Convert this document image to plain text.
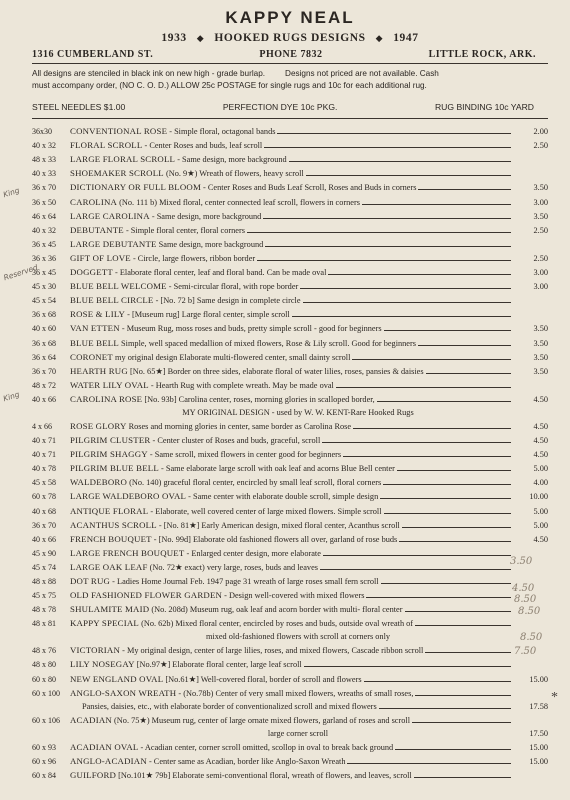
KAPPY NEAL
1933 ◆ HOOKED RUGS DESIGNS ◆ 1947
1316 CUMBERLAND ST.	PHONE 7832	LITTLE ROCK, ARK.
All designs are stenciled in black ink on new high - grade burlap. Designs not priced are not available. Cash
must accompany order, (NO C. O. D.) ALLOW 25c POSTAGE for single rugs and 10c for each additional rug.
STEEL NEEDLES $1.00	PERFECTION DYE 10c PKG.	RUG BINDING 10c YARD
36x30	CONVENTIONAL ROSE - Simple floral, octagonal bands	2.00
40 x 32	FLORAL SCROLL - Center Roses and buds, leaf scroll	2.50
48 x 33	LARGE FLORAL SCROLL - Same design, more background
40 x 33	SHOEMAKER SCROLL (No. 9★) Wreath of flowers, heavy scroll
36 x 70	DICTIONARY OR FULL BLOOM - Center Roses and Buds Leaf Scroll, Roses and Buds in corners	3.50
36 x 50	CAROLINA (No. 111 b) Mixed floral, center connected leaf scroll, flowers in corners	3.00
46 x 64	LARGE CAROLINA - Same design, more background	3.50
40 x 32	DEBUTANTE - Simple floral center, floral corners	2.50
36 x 45	LARGE DEBUTANTE Same design, more background
36 x 36	GIFT OF LOVE - Circle, large flowers, ribbon border	2.50
36 x 45	DOGGETT - Elaborate floral center, leaf and floral band. Can be made oval	3.00
45 x 30	BLUE BELL WELCOME - Semi-circular floral, with rope border	3.00
45 x 54	BLUE BELL CIRCLE - [No. 72 b] Same design in complete circle
36 x 68	ROSE & LILY - [Museum rug] Large floral center, simple scroll
40 x 60	VAN ETTEN - Museum Rug, moss roses and buds, pretty simple scroll - good for beginners	3.50
36 x 68	BLUE BELL Simple, well spaced medallion of mixed flowers, Rose & Lily scroll. Good for beginners	3.50
36 x 64	CORONET my original design Elaborate multi-flowered center, small dainty scroll	3.50
36 x 70	HEARTH RUG [No. 65★] Border on three sides, elaborate floral of water lilies, roses, pansies & daisies	3.50
48 x 72	WATER LILY OVAL - Hearth Rug with complete wreath. May be made oval
40 x 66	CAROLINA ROSE [No. 93b] Carolina center, roses, morning glories in scalloped border,	4.50
MY ORIGINAL DESIGN - used by W. W. KENT-Rare Hooked Rugs
4 x 66	ROSE GLORY Roses and morning glories in center, same border as Carolina Rose	4.50
40 x 71	PILGRIM CLUSTER - Center cluster of Roses and buds, graceful, scroll	4.50
40 x 71	PILGRIM SHAGGY - Same scroll, mixed flowers in center good for beginners	4.50
40 x 78	PILGRIM BLUE BELL - Same elaborate large scroll with oak leaf and acorns Blue Bell center	5.00
45 x 58	WALDEBORO (No. 140) graceful floral center, encircled by small leaf scroll, floral corners	4.00
60 x 78	LARGE WALDEBORO OVAL - Same center with elaborate double scroll, simple design	10.00
40 x 68	ANTIQUE FLORAL - Elaborate, well covered center of large mixed flowers. Simple scroll	5.00
36 x 70	ACANTHUS SCROLL - [No. 81★] Early American design, mixed floral center, Acanthus scroll	5.00
40 x 66	FRENCH BOUQUET - [No. 99d] Elaborate old fashioned flowers all over, garland of rose buds	4.50
45 x 90	LARGE FRENCH BOUQUET - Enlarged center design, more elaborate
45 x 74	LARGE OAK LEAF (No. 72★ exact) very large, roses, buds and leaves
48 x 88	DOT RUG - Ladies Home Journal Feb. 1947 page 31 wreath of large roses small fern scroll
45 x 75	OLD FASHIONED FLOWER GARDEN - Design well-covered with mixed flowers
48 x 78	SHULAMITE MAID (No. 208d) Museum rug, oak leaf and acorn border with multi- floral center
48 x 81	KAPPY SPECIAL (No. 62b) Mixed floral center, encircled by roses and buds, outside oval wreath of
mixed old-fashioned flowers with scroll at corners only
48 x 76	VICTORIAN - My original design, center of large lilies, roses, and mixed flowers, Cascade ribbon scroll
48 x 80	LILY NOSEGAY [No.97★] Elaborate floral center, large leaf scroll
60 x 80	NEW ENGLAND OVAL [No.61★] Well-covered floral, border of scroll and flowers	15.00
60 x 100	ANGLO-SAXON WREATH - (No.78b) Center of very small mixed flowers, wreaths of small roses,
Pansies, daisies, etc., with elaborate border of conventionalized scroll and mixed flowers	17.58
60 x 106	ACADIAN (No. 75★) Museum rug, center of large ornate mixed flowers, garland of roses and scroll
large corner scroll	17.50
60 x 93	ACADIAN OVAL - Acadian center, corner scroll omitted, scollop in oval to break back ground	15.00
60 x 96	ANGLO-ACADIAN - Center same as Acadian, border like Anglo-Saxon Wreath	15.00
60 x 84	GUILFORD [No.101★ 79b] Elaborate semi-conventional floral, wreath of flowers, and leaves, scroll
King
Reserved
King
3.50
4.50
8.50
8.50
8.50
7.50
*
